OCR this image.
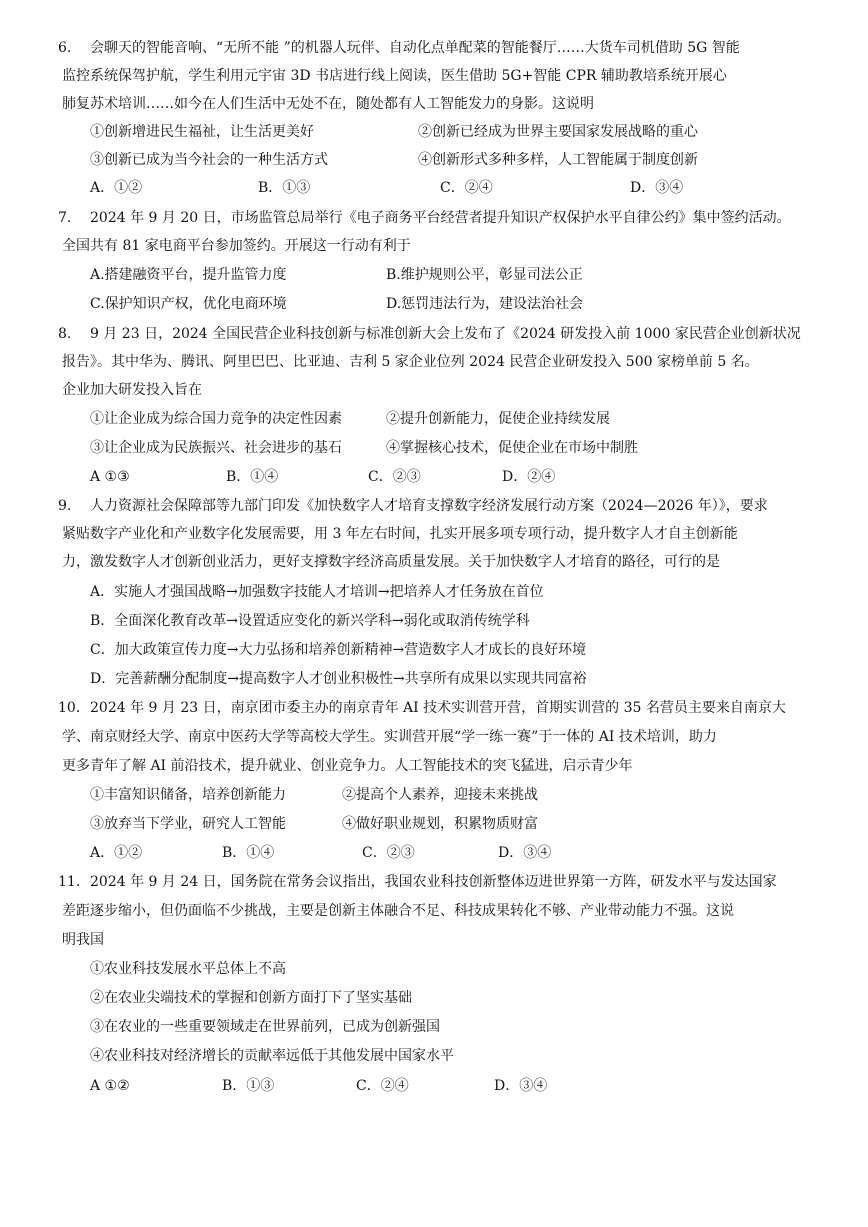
6. 会聊天的智能音响、“无所不能 ”的机器人玩伴、自动化点单配菜的智能餐厅……大货车司机借助 5G 智能
监控系统保驾护航，学生利用元宇宙 3D 书店进行线上阅读，医生借助 5G+智能 CPR 辅助教培系统开展心
肺复苏术培训……如今在人们生活中无处不在，随处都有人工智能发力的身影。这说明
①创新增进民生福祉，让生活更美好	②创新已经成为世界主要国家发展战略的重心
③创新已成为当今社会的一种生活方式	④创新形式多种多样，人工智能属于制度创新
A．①②	B．①③	C．②④	D．③④
7. 2024 年 9 月 20 日，市场监管总局举行《电子商务平台经营者提升知识产权保护水平自律公约》集中签约活动。
全国共有 81 家电商平台参加签约。开展这一行动有利于
A.搭建融资平台，提升监管力度	B.维护规则公平，彰显司法公正
C.保护知识产权，优化电商环境	D.惩罚违法行为，建设法治社会
8. 9 月 23 日，2024 全国民营企业科技创新与标准创新大会上发布了《2024 研发投入前 1000 家民营企业创新状况
报告》。其中华为、腾讯、阿里巴巴、比亚迪、吉利 5 家企业位列 2024 民营企业研发投入 500 家榜单前 5 名。
企业加大研发投入旨在
①让企业成为综合国力竞争的决定性因素	②提升创新能力，促使企业持续发展
③让企业成为民族振兴、社会进步的基石	④掌握核心技术，促使企业在市场中制胜
A ①③	B．①④	C．②③	D．②④
9. 人力资源社会保障部等九部门印发《加快数字人才培育支撑数字经济发展行动方案（2024—2026 年）》，要求
紧贴数字产业化和产业数字化发展需要，用 3 年左右时间，扎实开展多项专项行动，提升数字人才自主创新能
力，激发数字人才创新创业活力，更好支撑数字经济高质量发展。关于加快数字人才培育的路径，可行的是
A．实施人才强国战略→加强数字技能人才培训→把培养人才任务放在首位
B．全面深化教育改革→设置适应变化的新兴学科→弱化或取消传统学科
C．加大政策宣传力度→大力弘扬和培养创新精神→营造数字人才成长的良好环境
D．完善薪酬分配制度→提高数字人才创业积极性→共享所有成果以实现共同富裕
10. 2024 年 9 月 23 日，南京团市委主办的南京青年 AI 技术实训营开营，首期实训营的 35 名营员主要来自南京大
学、南京财经大学、南京中医药大学等高校大学生。实训营开展“学一练一赛”于一体的 AI 技术培训，助力
更多青年了解 AI 前沿技术，提升就业、创业竞争力。人工智能技术的突飞猛进，启示青少年
①丰富知识储备，培养创新能力	②提高个人素养，迎接未来挑战
③放弃当下学业，研究人工智能	④做好职业规划，积累物质财富
A．①②	B．①④	C．②③	D．③④
11. 2024 年 9 月 24 日，国务院在常务会议指出，我国农业科技创新整体迈进世界第一方阵，研发水平与发达国家
差距逐步缩小，但仍面临不少挑战，主要是创新主体融合不足、科技成果转化不够、产业带动能力不强。这说
明我国
①农业科技发展水平总体上不高
②在农业尖端技术的掌握和创新方面打下了坚实基础
③在农业的一些重要领域走在世界前列，已成为创新强国
④农业科技对经济增长的贡献率远低于其他发展中国家水平
A ①②	B．①③	C．②④	D．③④
